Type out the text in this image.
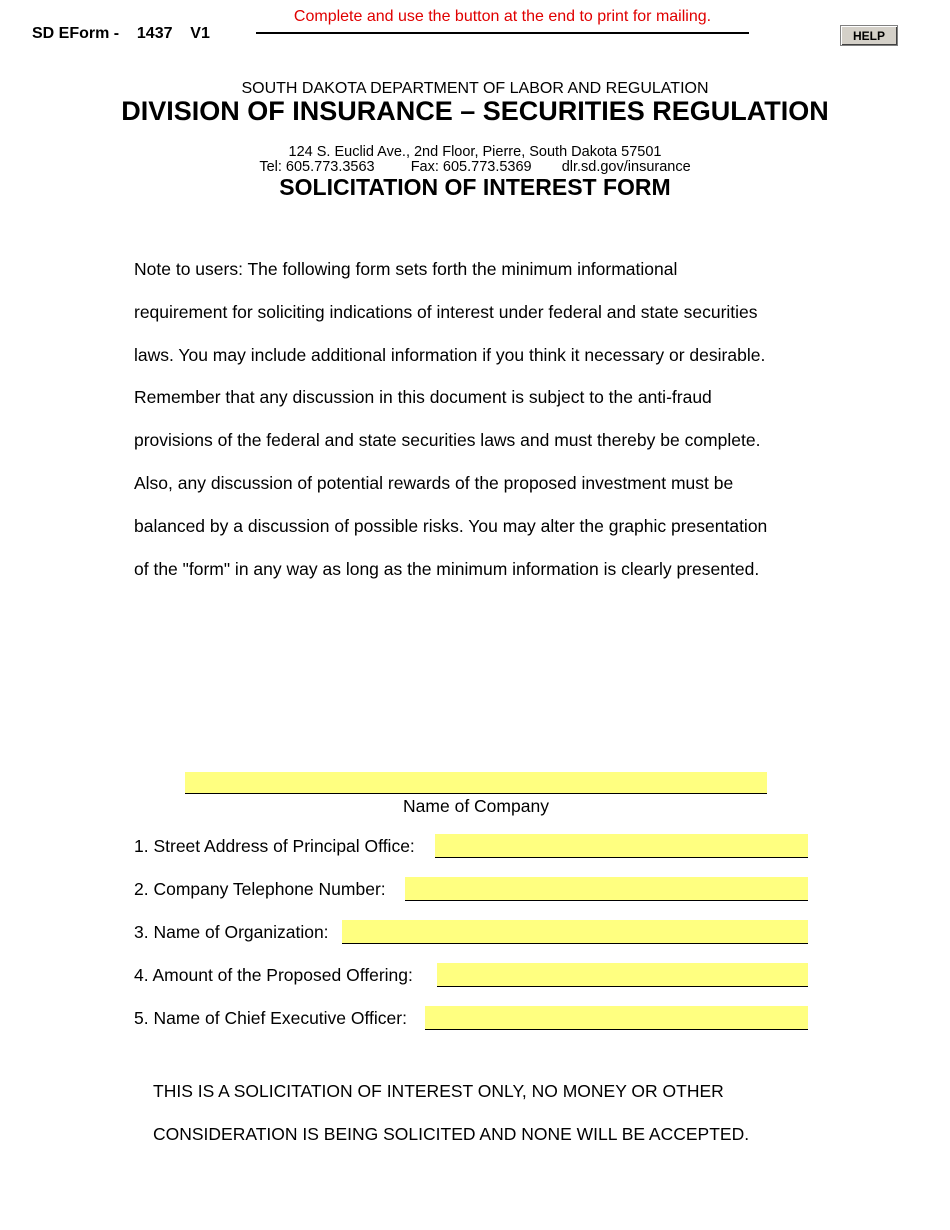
SD EForm -    1437    V1
Complete and use the button at the end to print for mailing.
HELP
SOUTH DAKOTA DEPARTMENT OF LABOR AND REGULATION
DIVISION OF INSURANCE – SECURITIES REGULATION
124 S. Euclid Ave., 2nd Floor, Pierre, South Dakota 57501
Tel: 605.773.3563 Fax: 605.773.5369 dlr.sd.gov/insurance
SOLICITATION OF INTEREST FORM

Note to users: The following form sets forth the minimum informational

requirement for soliciting indications of interest under federal and state securities

laws. You may include additional information if you think it necessary or desirable.

Remember that any discussion in this document is subject to the anti-fraud

provisions of the federal and state securities laws and must thereby be complete.

Also, any discussion of potential rewards of the proposed investment must be

balanced by a discussion of possible risks. You may alter the graphic presentation

of the "form" in any way as long as the minimum information is clearly presented.

Name of Company
1. Street Address of Principal Office:
2. Company Telephone Number:
3. Name of Organization:
4. Amount of the Proposed Offering:
5. Name of Chief Executive Officer:

THIS IS A SOLICITATION OF INTEREST ONLY, NO MONEY OR OTHER

CONSIDERATION IS BEING SOLICITED AND NONE WILL BE ACCEPTED.
